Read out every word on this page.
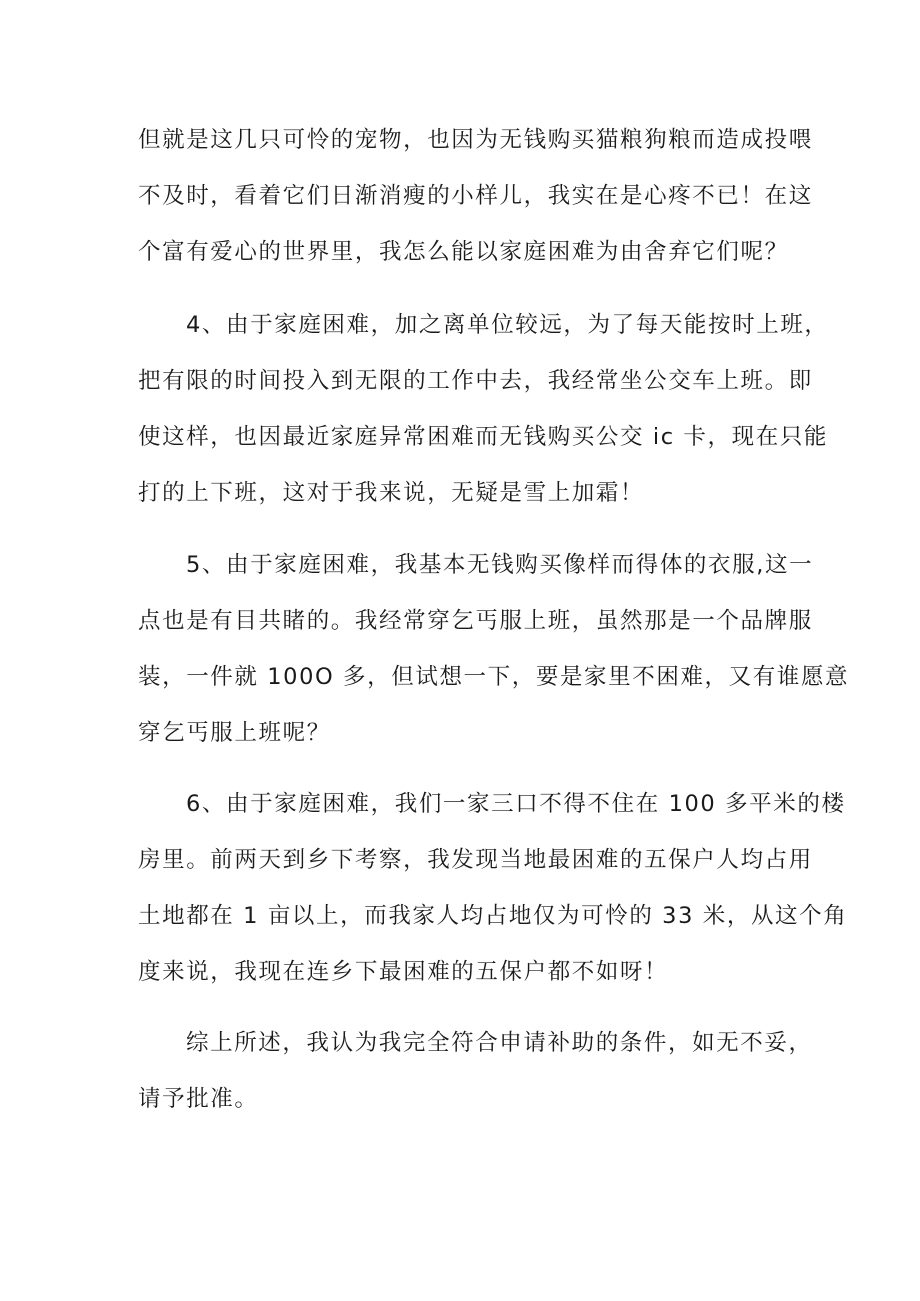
但就是这几只可怜的宠物，也因为无钱购买猫粮狗粮而造成投喂
不及时，看着它们日渐消瘦的小样儿，我实在是心疼不已！在这
个富有爱心的世界里，我怎么能以家庭困难为由舍弃它们呢？
4、由于家庭困难，加之离单位较远，为了每天能按时上班，
把有限的时间投入到无限的工作中去，我经常坐公交车上班。即
使这样，也因最近家庭异常困难而无钱购买公交 ic 卡，现在只能
打的上下班，这对于我来说，无疑是雪上加霜！
5、由于家庭困难，我基本无钱购买像样而得体的衣服,这一
点也是有目共睹的。我经常穿乞丐服上班，虽然那是一个品牌服
装，一件就 100O 多，但试想一下，要是家里不困难，又有谁愿意
穿乞丐服上班呢？
6、由于家庭困难，我们一家三口不得不住在 100 多平米的楼
房里。前两天到乡下考察，我发现当地最困难的五保户人均占用
土地都在 1 亩以上，而我家人均占地仅为可怜的 33 米，从这个角
度来说，我现在连乡下最困难的五保户都不如呀！
综上所述，我认为我完全符合申请补助的条件，如无不妥，
请予批准。
